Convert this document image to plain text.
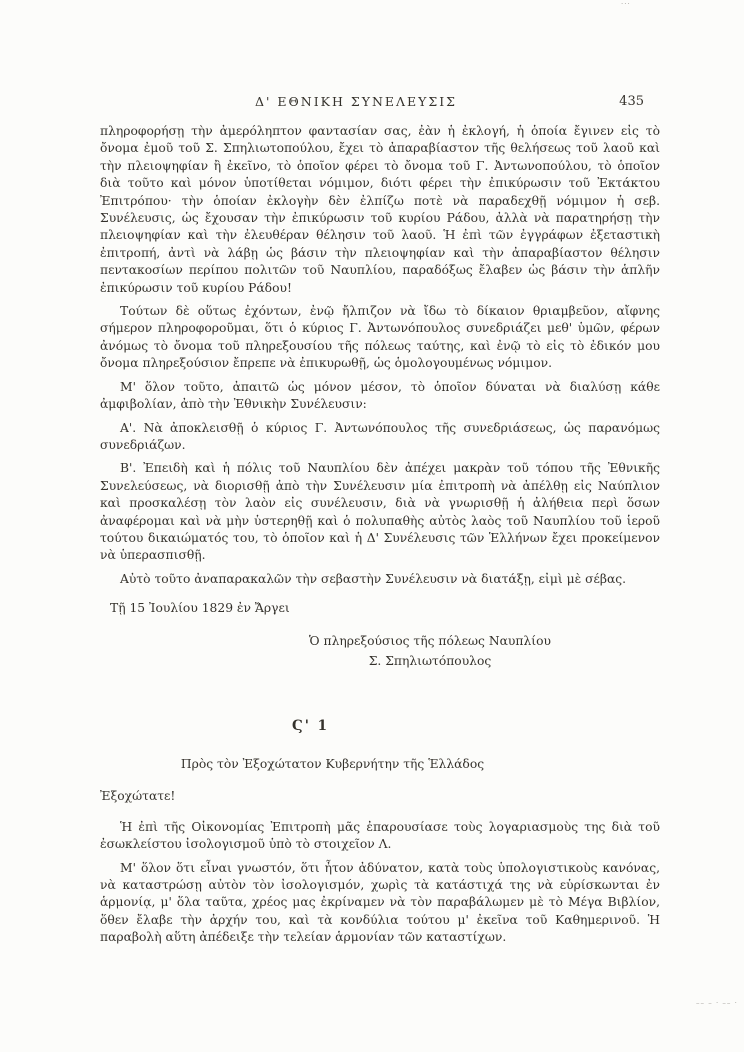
···
Δ' ΕΘΝΙΚΗ ΣΥΝΕΛΕΥΣΙΣ	435

πληροφορήσῃ τὴν ἀμερόληπτον φαντασίαν σας, ἐὰν ἡ ἐκλογή, ἡ ὁποία ἔγινεν εἰς τὸ ὄνομα ἐμοῦ τοῦ Σ. Σπηλιωτοπούλου, ἔχει τὸ ἀπαραβίαστον τῆς θελήσεως τοῦ λαοῦ καὶ τὴν πλειοψηφίαν ἢ ἐκεῖνο, τὸ ὁποῖον φέρει τὸ ὄνομα τοῦ Γ. Ἀντωνοπούλου, τὸ ὁποῖον διὰ τοῦτο καὶ μόνον ὑποτίθεται νόμιμον, διότι φέρει τὴν ἐπικύρωσιν τοῦ Ἐκτάκτου Ἐπιτρόπου· τὴν ὁποίαν ἐκλογὴν δὲν ἐλπίζω ποτὲ νὰ παραδεχθῇ νόμιμον ἡ σεβ. Συνέλευσις, ὡς ἔχουσαν τὴν ἐπικύρωσιν τοῦ κυρίου Ράδου, ἀλλὰ νὰ παρατηρήσῃ τὴν πλειοψηφίαν καὶ τὴν ἐλευθέραν θέλησιν τοῦ λαοῦ. Ἡ ἐπὶ τῶν ἐγγράφων ἐξεταστικὴ ἐπιτροπή, ἀντὶ νὰ λάβῃ ὡς βάσιν τὴν πλειοψηφίαν καὶ τὴν ἀπαραβίαστον θέλησιν πεντακοσίων περίπου πολιτῶν τοῦ Ναυπλίου, παραδόξως ἔλαβεν ὡς βάσιν τὴν ἁπλῆν ἐπικύρωσιν τοῦ κυρίου Ράδου!

Τούτων δὲ οὕτως ἐχόντων, ἐνῷ ἤλπιζον νὰ ἴδω τὸ δίκαιον θριαμβεῦον, αἴφνης σήμερον πληροφοροῦμαι, ὅτι ὁ κύριος Γ. Ἀντωνόπουλος συνεδριάζει μεθ' ὑμῶν, φέρων ἀνόμως τὸ ὄνομα τοῦ πληρεξουσίου τῆς πόλεως ταύτης, καὶ ἐνῷ τὸ εἰς τὸ ἐδικόν μου ὄνομα πληρεξούσιον ἔπρεπε νὰ ἐπικυρωθῇ, ὡς ὁμολογουμένως νόμιμον.

Μ' ὅλον τοῦτο, ἀπαιτῶ ὡς μόνον μέσον, τὸ ὁποῖον δύναται νὰ διαλύσῃ κάθε ἀμφιβολίαν, ἀπὸ τὴν Ἐθνικὴν Συνέλευσιν:

Α'. Νὰ ἀποκλεισθῇ ὁ κύριος Γ. Ἀντωνόπουλος τῆς συνεδριάσεως, ὡς παρανόμως συνεδριάζων.

Β'. Ἐπειδὴ καὶ ἡ πόλις τοῦ Ναυπλίου δὲν ἀπέχει μακρὰν τοῦ τόπου τῆς Ἐθνικῆς Συνελεύσεως, νὰ διορισθῇ ἀπὸ τὴν Συνέλευσιν μία ἐπιτροπὴ νὰ ἀπέλθῃ εἰς Ναύπλιον καὶ προσκαλέσῃ τὸν λαὸν εἰς συνέλευσιν, διὰ νὰ γνωρισθῇ ἡ ἀλήθεια περὶ ὅσων ἀναφέρομαι καὶ νὰ μὴν ὑστερηθῇ καὶ ὁ πολυπαθὴς αὐτὸς λαὸς τοῦ Ναυπλίου τοῦ ἱεροῦ τούτου δικαιώματός του, τὸ ὁποῖον καὶ ἡ Δ' Συνέλευσις τῶν Ἑλλήνων ἔχει προκείμενον νὰ ὑπερασπισθῇ.

Αὐτὸ τοῦτο ἀναπαρακαλῶν τὴν σεβαστὴν Συνέλευσιν νὰ διατάξῃ, εἰμὶ μὲ σέβας.

Τῇ 15 Ἰουλίου 1829 ἐν Ἄργει

Ὁ πληρεξούσιος τῆς πόλεως Ναυπλίου
Σ. Σπηλιωτόπουλος
Ϛ' 1
Πρὸς τὸν Ἐξοχώτατον Κυβερνήτην τῆς Ἑλλάδος

Ἐξοχώτατε!

Ἡ ἐπὶ τῆς Οἰκονομίας Ἐπιτροπὴ μᾶς ἐπαρουσίασε τοὺς λογαριασμοὺς της διὰ τοῦ ἐσωκλείστου ἰσολογισμοῦ ὑπὸ τὸ στοιχεῖον Λ.

Μ' ὅλον ὅτι εἶναι γνωστόν, ὅτι ἦτον ἀδύνατον, κατὰ τοὺς ὑπολογιστικοὺς κανόνας, νὰ καταστρώσῃ αὐτὸν τὸν ἰσολογισμόν, χωρὶς τὰ κατάστιχά της νὰ εὑρίσκωνται ἐν ἁρμονίᾳ, μ' ὅλα ταῦτα, χρέος μας ἐκρίναμεν νὰ τὸν παραβάλωμεν μὲ τὸ Μέγα Βιβλίον, ὅθεν ἔλαβε τὴν ἀρχήν του, καὶ τὰ κονδύλια τούτου μ' ἐκεῖνα τοῦ Καθημερινοῦ. Ἡ παραβολὴ αὕτη ἀπέδειξε τὴν τελείαν ἁρμονίαν τῶν καταστίχων.

–– – · –– ·
